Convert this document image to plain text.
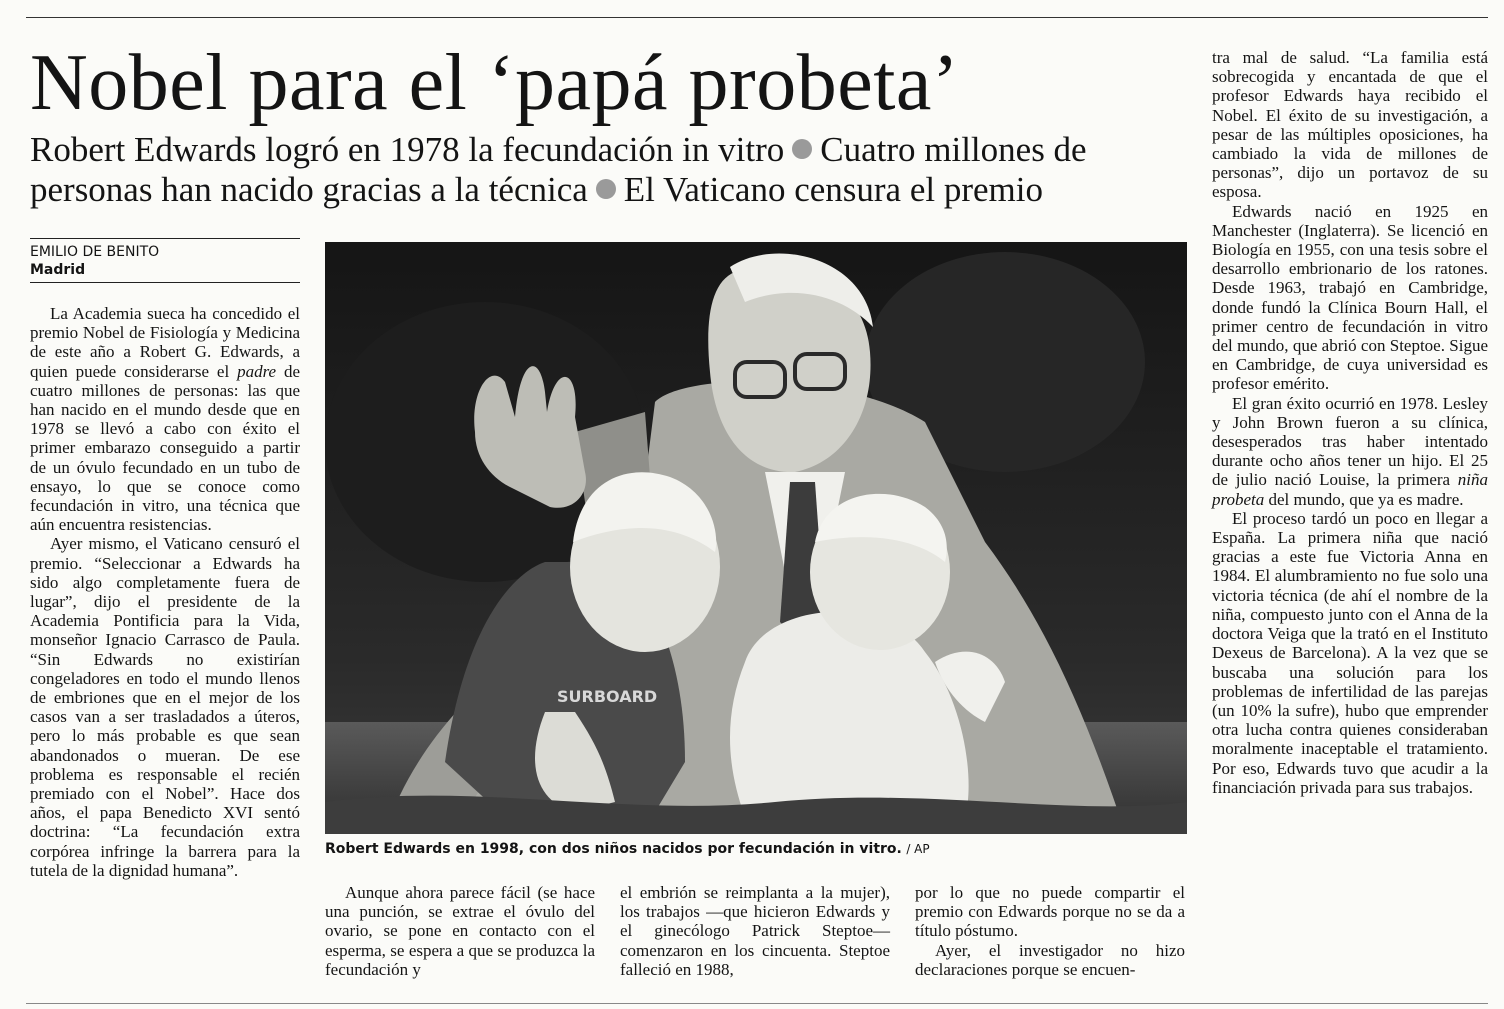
Nobel para el ‘papá probeta’

Robert Edwards logró en 1978 la fecundación in vitro Cuatro millones de personas han nacido gracias a la técnica El Vaticano censura el premio

EMILIO DE BENITO
Madrid

La Academia sueca ha concedido el premio Nobel de Fisiología y Medicina de este año a Robert G. Edwards, a quien puede considerarse el padre de cuatro millones de personas: las que han nacido en el mundo desde que en 1978 se llevó a cabo con éxito el primer embarazo conseguido a partir de un óvulo fecundado en un tubo de ensayo, lo que se conoce como fecundación in vitro, una técnica que aún encuentra resistencias.

Ayer mismo, el Vaticano censuró el premio. “Seleccionar a Edwards ha sido algo completamente fuera de lugar”, dijo el presidente de la Academia Pontificia para la Vida, monseñor Ignacio Carrasco de Paula. “Sin Edwards no existirían congeladores en todo el mundo llenos de embriones que en el mejor de los casos van a ser trasladados a úteros, pero lo más probable es que sean abandonados o mueran. De ese problema es responsable el recién premiado con el Nobel”. Hace dos años, el papa Benedicto XVI sentó doctrina: “La fecundación extra corpórea infringe la barrera para la tutela de la dignidad humana”.

SURBOARD
Robert Edwards en 1998, con dos niños nacidos por fecundación in vitro. / AP

Aunque ahora parece fácil (se hace una punción, se extrae el óvulo del ovario, se pone en contacto con el esperma, se espera a que se produzca la fecundación y

el embrión se reimplanta a la mujer), los trabajos —que hicieron Edwards y el ginecólogo Patrick Steptoe— comenzaron en los cincuenta. Steptoe falleció en 1988,

por lo que no puede compartir el premio con Edwards porque no se da a título póstumo.

Ayer, el investigador no hizo declaraciones porque se encuen-

tra mal de salud. “La familia está sobrecogida y encantada de que el profesor Edwards haya recibido el Nobel. El éxito de su investigación, a pesar de las múltiples oposiciones, ha cambiado la vida de millones de personas”, dijo un portavoz de su esposa.

Edwards nació en 1925 en Manchester (Inglaterra). Se licenció en Biología en 1955, con una tesis sobre el desarrollo embrionario de los ratones. Desde 1963, trabajó en Cambridge, donde fundó la Clínica Bourn Hall, el primer centro de fecundación in vitro del mundo, que abrió con Steptoe. Sigue en Cambridge, de cuya universidad es profesor emérito.

El gran éxito ocurrió en 1978. Lesley y John Brown fueron a su clínica, desesperados tras haber intentado durante ocho años tener un hijo. El 25 de julio nació Louise, la primera niña probeta del mundo, que ya es madre.

El proceso tardó un poco en llegar a España. La primera niña que nació gracias a este fue Victoria Anna en 1984. El alumbramiento no fue solo una victoria técnica (de ahí el nombre de la niña, compuesto junto con el Anna de la doctora Veiga que la trató en el Instituto Dexeus de Barcelona). A la vez que se buscaba una solución para los problemas de infertilidad de las parejas (un 10% la sufre), hubo que emprender otra lucha contra quienes consideraban moralmente inaceptable el tratamiento. Por eso, Edwards tuvo que acudir a la financiación privada para sus trabajos.
